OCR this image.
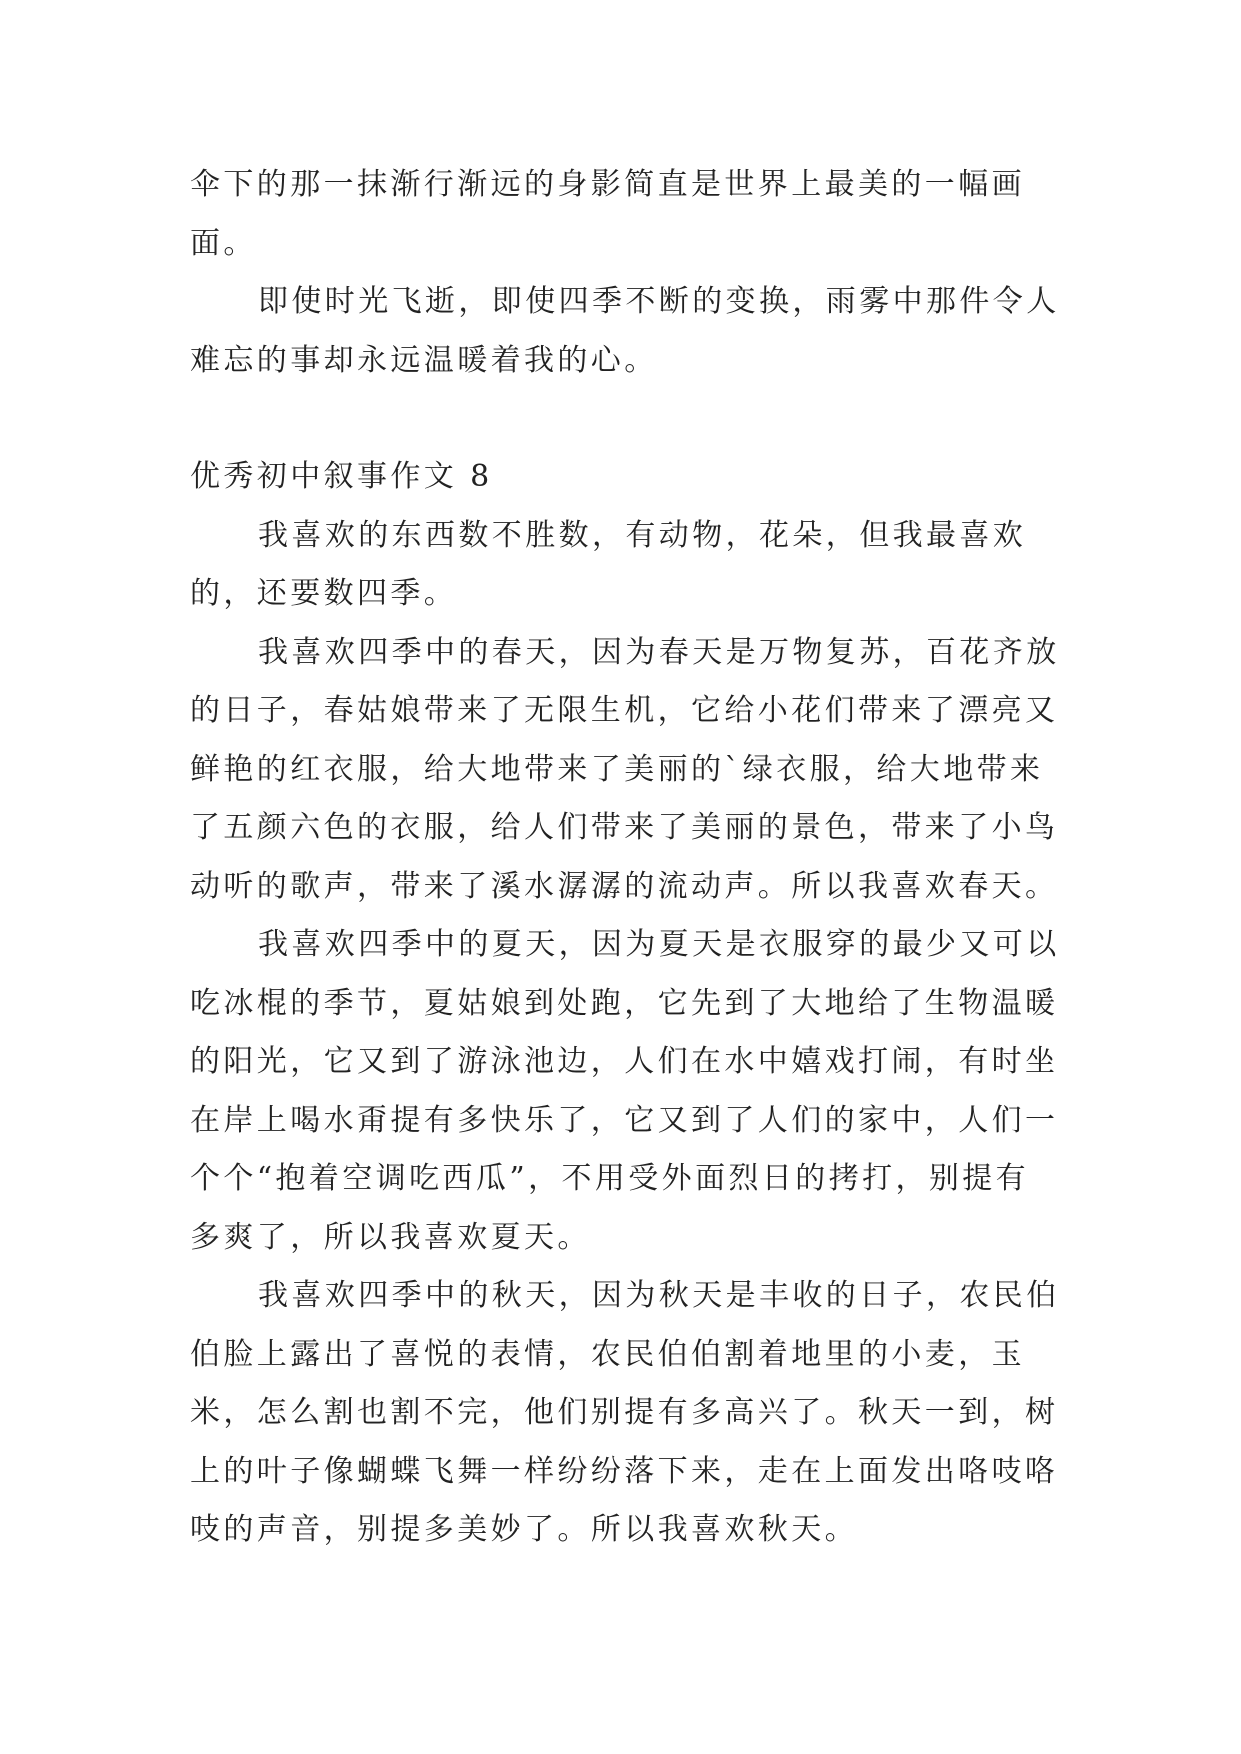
伞下的那一抹渐行渐远的身影简直是世界上最美的一幅画面。

即使时光飞逝，即使四季不断的变换，雨雾中那件令人难忘的事却永远温暖着我的心。

优秀初中叙事作文 8

我喜欢的东西数不胜数，有动物，花朵，但我最喜欢的，还要数四季。

我喜欢四季中的春天，因为春天是万物复苏，百花齐放的日子，春姑娘带来了无限生机，它给小花们带来了漂亮又鲜艳的红衣服，给大地带来了美丽的`绿衣服，给大地带来了五颜六色的衣服，给人们带来了美丽的景色，带来了小鸟动听的歌声，带来了溪水潺潺的流动声。所以我喜欢春天。

我喜欢四季中的夏天，因为夏天是衣服穿的最少又可以吃冰棍的季节，夏姑娘到处跑，它先到了大地给了生物温暖的阳光，它又到了游泳池边，人们在水中嬉戏打闹，有时坐在岸上喝水甭提有多快乐了，它又到了人们的家中，人们一个个“抱着空调吃西瓜”，不用受外面烈日的拷打，别提有多爽了，所以我喜欢夏天。

我喜欢四季中的秋天，因为秋天是丰收的日子，农民伯伯脸上露出了喜悦的表情，农民伯伯割着地里的小麦，玉米，怎么割也割不完，他们别提有多高兴了。秋天一到，树上的叶子像蝴蝶飞舞一样纷纷落下来，走在上面发出咯吱咯吱的声音，别提多美妙了。所以我喜欢秋天。
